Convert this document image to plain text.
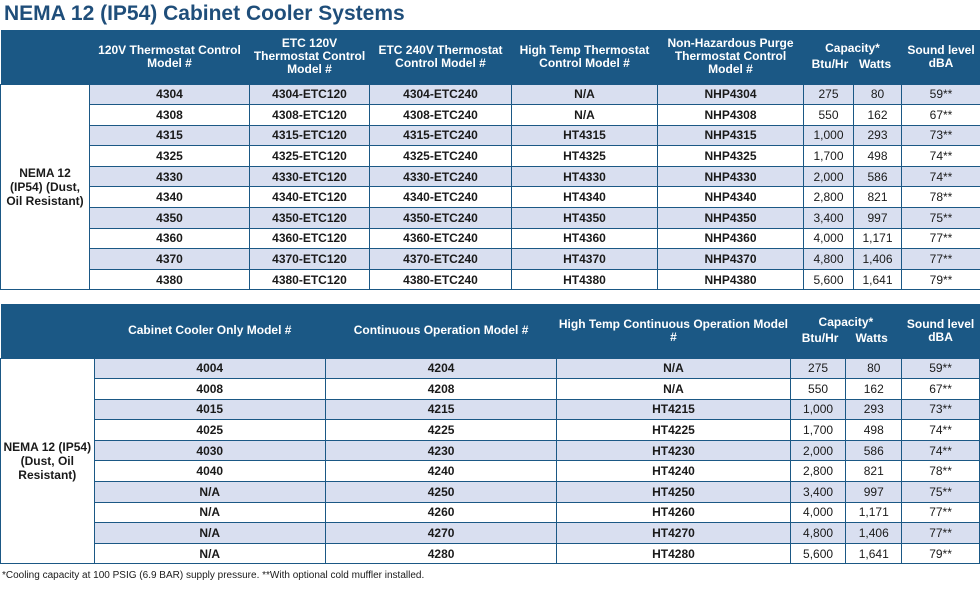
NEMA 12 (IP54) Cabinet Cooler Systems
	120V Thermostat Control Model #	ETC 120V Thermostat Control Model #	ETC 240V Thermostat Control Model #	High Temp Thermostat Control Model #	Non-Hazardous Purge Thermostat Control Model #	Capacity*
Btu/Hr Watts		Sound level dBA
NEMA 12 (IP54) (Dust, Oil Resistant)	4304	4304-ETC120	4304-ETC240	N/A	NHP4304	275	80	59**
	4308	4308-ETC120	4308-ETC240	N/A	NHP4308	550	162	67**
	4315	4315-ETC120	4315-ETC240	HT4315	NHP4315	1,000	293	73**
	4325	4325-ETC120	4325-ETC240	HT4325	NHP4325	1,700	498	74**
	4330	4330-ETC120	4330-ETC240	HT4330	NHP4330	2,000	586	74**
	4340	4340-ETC120	4340-ETC240	HT4340	NHP4340	2,800	821	78**
	4350	4350-ETC120	4350-ETC240	HT4350	NHP4350	3,400	997	75**
	4360	4360-ETC120	4360-ETC240	HT4360	NHP4360	4,000	1,171	77**
	4370	4370-ETC120	4370-ETC240	HT4370	NHP4370	4,800	1,406	77**
	4380	4380-ETC120	4380-ETC240	HT4380	NHP4380	5,600	1,641	79**
	Cabinet Cooler Only Model #	Continuous Operation Model #	High Temp Continuous Operation Model #	Capacity*
Btu/Hr Watts		Sound level dBA
NEMA 12 (IP54) (Dust, Oil Resistant)	4004	4204	N/A	275	80	59**
	4008	4208	N/A	550	162	67**
	4015	4215	HT4215	1,000	293	73**
	4025	4225	HT4225	1,700	498	74**
	4030	4230	HT4230	2,000	586	74**
	4040	4240	HT4240	2,800	821	78**
	N/A	4250	HT4250	3,400	997	75**
	N/A	4260	HT4260	4,000	1,171	77**
	N/A	4270	HT4270	4,800	1,406	77**
	N/A	4280	HT4280	5,600	1,641	79**
*Cooling capacity at 100 PSIG (6.9 BAR) supply pressure. **With optional cold muffler installed.
